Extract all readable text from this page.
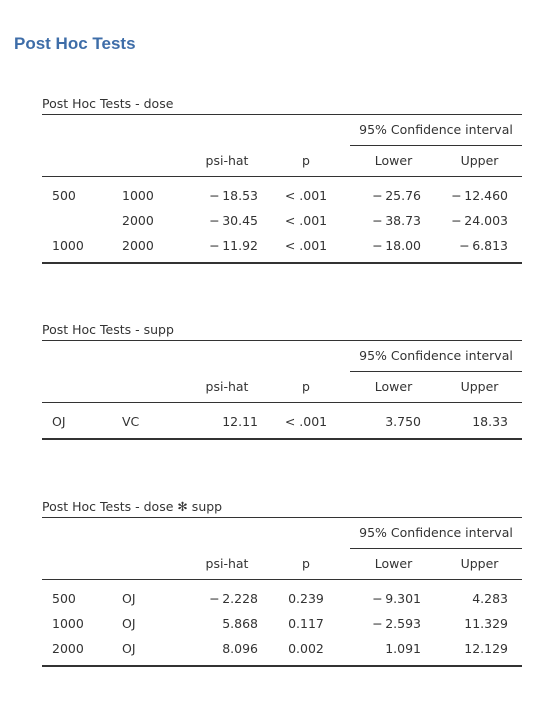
Post Hoc Tests
Post Hoc Tests - dose

				95% Confidence interval	
		psi-hat	p	Lower	Upper
500	1000	− 18.53	< .001	− 25.76	− 12.460
	2000	− 30.45	< .001	− 38.73	− 24.003
1000	2000	− 11.92	< .001	− 18.00	− 6.813
Post Hoc Tests - supp

				95% Confidence interval	
		psi-hat	p	Lower	Upper
OJ	VC	12.11	< .001	3.750	18.33
Post Hoc Tests - dose ✻ supp

				95% Confidence interval	
		psi-hat	p	Lower	Upper
500	OJ	− 2.228	0.239	− 9.301	4.283
1000	OJ	5.868	0.117	− 2.593	11.329
2000	OJ	8.096	0.002	1.091	12.129
